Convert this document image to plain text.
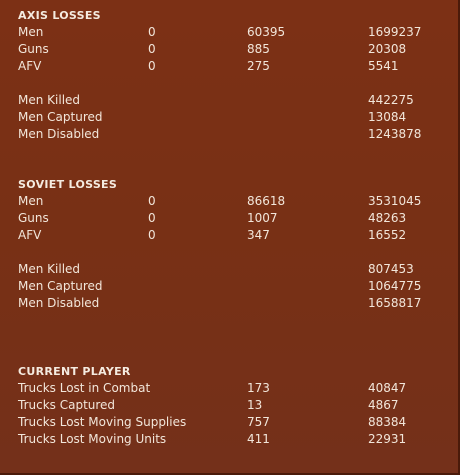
AXIS LOSSES
Men	0	60395	1699237
Guns	0	885	20308
AFV	0	275	5541
Men Killed	442275
Men Captured	13084
Men Disabled	1243878
SOVIET LOSSES
Men	0	86618	3531045
Guns	0	1007	48263
AFV	0	347	16552
Men Killed	807453
Men Captured	1064775
Men Disabled	1658817
CURRENT PLAYER
Trucks Lost in Combat	173	40847
Trucks Captured	13	4867
Trucks Lost Moving Supplies	757	88384
Trucks Lost Moving Units	411	22931
